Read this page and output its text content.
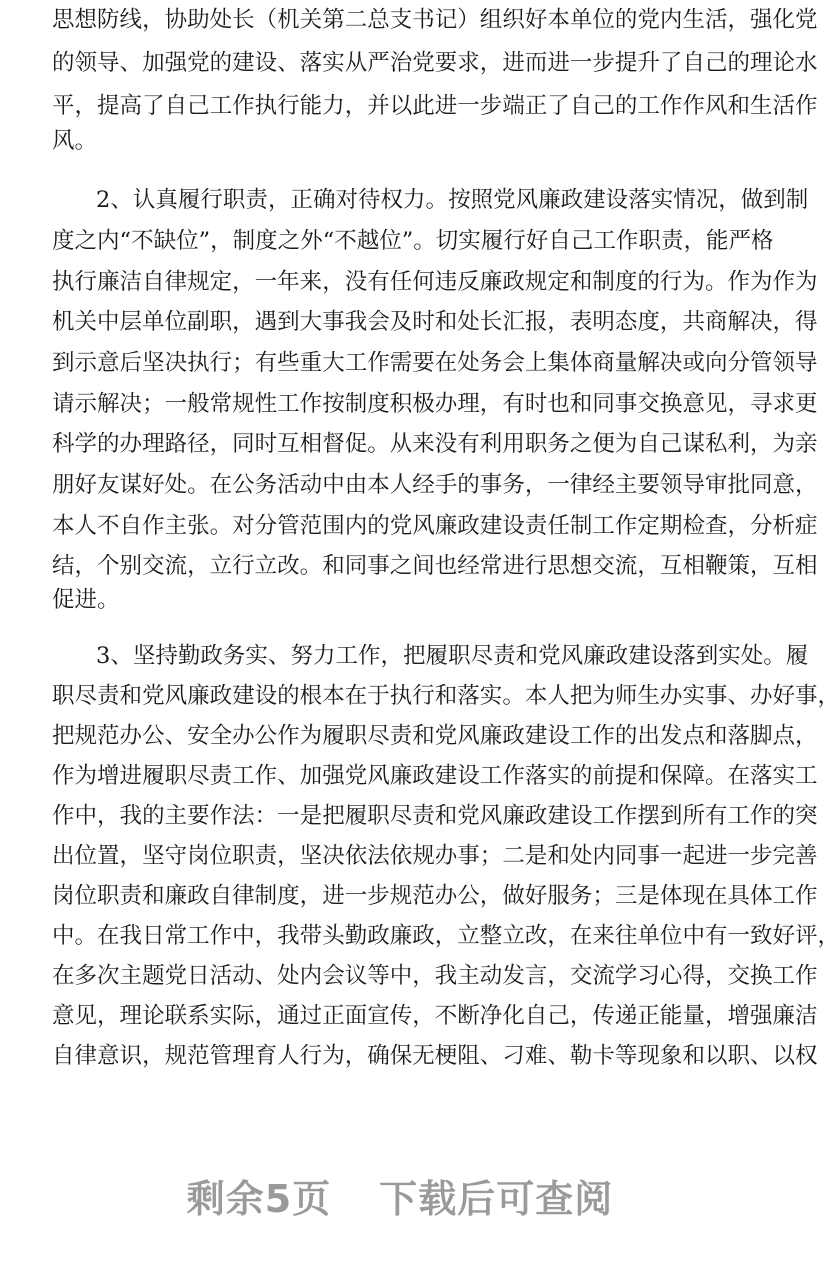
思 想 防 线 ， 协 助 处 长 （ 机 关 第 二 总 支 书 记 ） 组 织 好 本 单 位 的 党 内 生 活 ， 强 化 党
的 领 导 、 加 强 党 的 建 设 、 落 实 从 严 治 党 要 求 ， 进 而 进 一 步 提 升 了 自 己 的 理 论 水
平 ， 提 高 了 自 己 工 作 执 行 能 力 ， 并 以 此 进 一 步 端 正 了 自 己 的 工 作 作 风 和 生 活 作
风。
2 、 认 真 履 行 职 责 ， 正 确 对 待 权 力 。 按 照 党 风 廉 政 建 设 落 实 情 况 ， 做 到 制
度 之 内 “ 不 缺 位 ” ， 制 度 之 外 “ 不 越 位 ” 。 切 实 履 行 好 自 己 工 作 职 责 ， 能 严 格
执 行 廉 洁 自 律 规 定 ， 一 年 来 ， 没 有 任 何 违 反 廉 政 规 定 和 制 度 的 行 为 。 作 为 作 为
机 关 中 层 单 位 副 职 ， 遇 到 大 事 我 会 及 时 和 处 长 汇 报 ， 表 明 态 度 ， 共 商 解 决 ， 得
到 示 意 后 坚 决 执 行 ； 有 些 重 大 工 作 需 要 在 处 务 会 上 集 体 商 量 解 决 或 向 分 管 领 导
请 示 解 决 ； 一 般 常 规 性 工 作 按 制 度 积 极 办 理 ， 有 时 也 和 同 事 交 换 意 见 ， 寻 求 更
科 学 的 办 理 路 径 ， 同 时 互 相 督 促 。 从 来 没 有 利 用 职 务 之 便 为 自 己 谋 私 利 ， 为 亲
朋 好 友 谋 好 处 。 在 公 务 活 动 中 由 本 人 经 手 的 事 务 ， 一 律 经 主 要 领 导 审 批 同 意 ，
本 人 不 自 作 主 张 。 对 分 管 范 围 内 的 党 风 廉 政 建 设 责 任 制 工 作 定 期 检 查 ， 分 析 症
结 ， 个 别 交 流 ， 立 行 立 改 。 和 同 事 之 间 也 经 常 进 行 思 想 交 流 ， 互 相 鞭 策 ， 互 相
促进。
3 、 坚 持 勤 政 务 实 、 努 力 工 作 ， 把 履 职 尽 责 和 党 风 廉 政 建 设 落 到 实 处 。 履
职 尽 责 和 党 风 廉 政 建 设 的 根 本 在 于 执 行 和 落 实 。 本 人 把 为 师 生 办 实 事 、 办 好 事 ，
把 规 范 办 公 、 安 全 办 公 作 为 履 职 尽 责 和 党 风 廉 政 建 设 工 作 的 出 发 点 和 落 脚 点 ，
作 为 增 进 履 职 尽 责 工 作 、 加 强 党 风 廉 政 建 设 工 作 落 实 的 前 提 和 保 障 。 在 落 实 工
作 中 ， 我 的 主 要 作 法 ： 一 是 把 履 职 尽 责 和 党 风 廉 政 建 设 工 作 摆 到 所 有 工 作 的 突
出 位 置 ， 坚 守 岗 位 职 责 ， 坚 决 依 法 依 规 办 事 ； 二 是 和 处 内 同 事 一 起 进 一 步 完 善
岗 位 职 责 和 廉 政 自 律 制 度 ， 进 一 步 规 范 办 公 ， 做 好 服 务 ； 三 是 体 现 在 具 体 工 作
中 。 在 我 日 常 工 作 中 ， 我 带 头 勤 政 廉 政 ， 立 整 立 改 ， 在 来 往 单 位 中 有 一 致 好 评 ，
在 多 次 主 题 党 日 活 动 、 处 内 会 议 等 中 ， 我 主 动 发 言 ， 交 流 学 习 心 得 ， 交 换 工 作
意 见 ， 理 论 联 系 实 际 ， 通 过 正 面 宣 传 ， 不 断 净 化 自 己 ， 传 递 正 能 量 ， 增 强 廉 洁
自 律 意 识 ， 规 范 管 理 育 人 行 为 ， 确 保 无 梗 阻 、 刁 难 、 勒 卡 等 现 象 和 以 职 、 以 权
剩余5页 下载后可查阅
